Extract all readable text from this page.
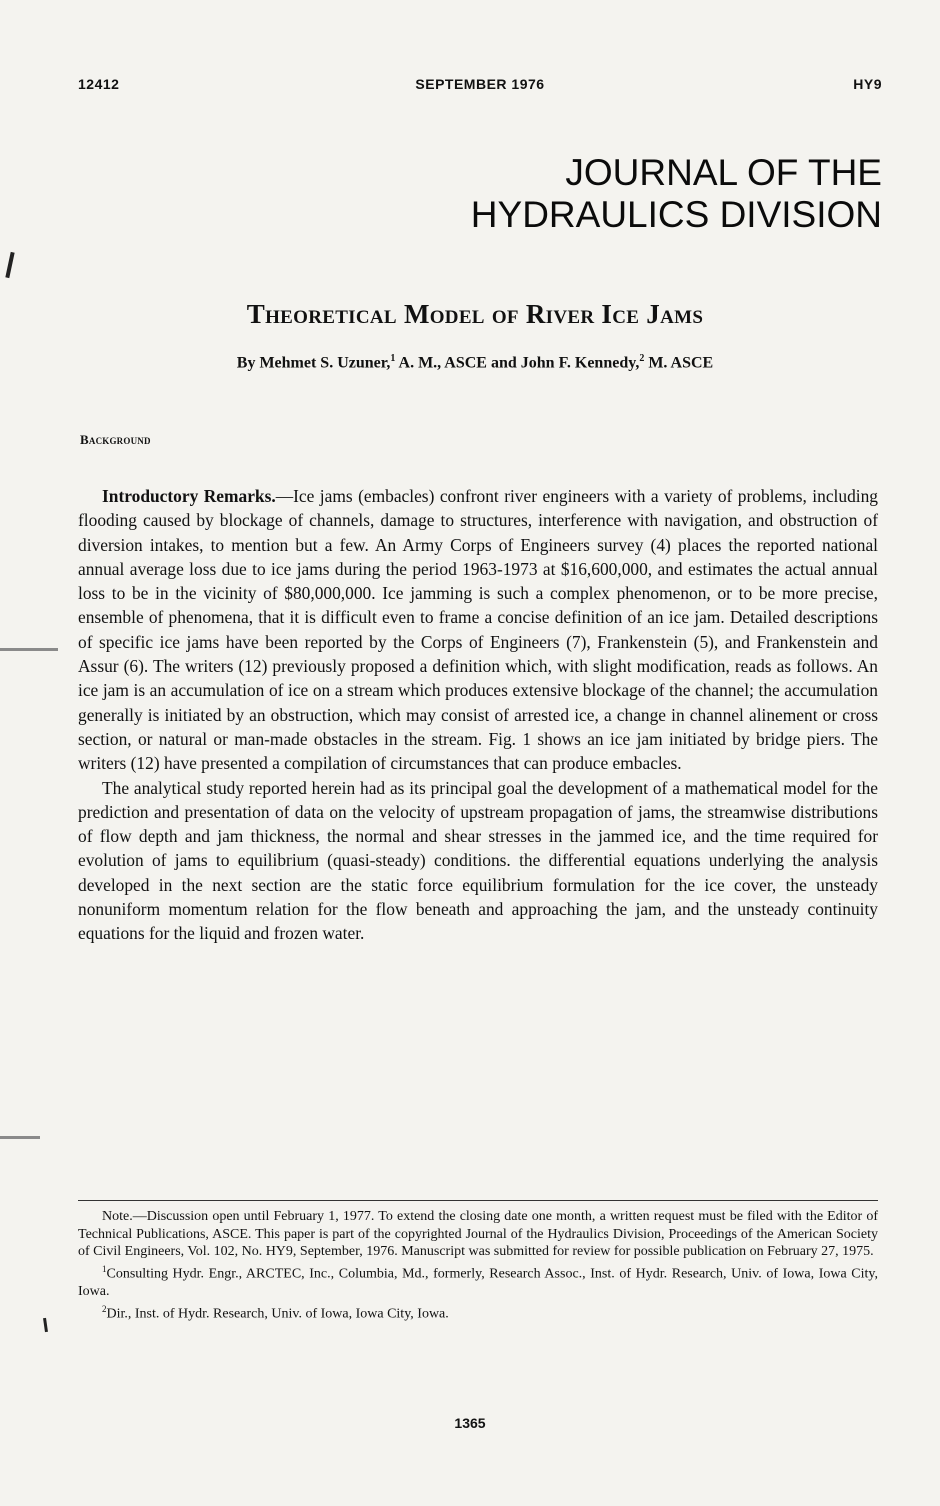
12412	SEPTEMBER 1976	HY9
JOURNAL OF THE
HYDRAULICS DIVISION
Theoretical Model of River Ice Jams
By Mehmet S. Uzuner,$^1$ A. M., ASCE and John F. Kennedy,$^2$ M. ASCE
Background

Introductory Remarks.—Ice jams (embacles) confront river engineers with a variety of problems, including flooding caused by blockage of channels, damage to structures, interference with navigation, and obstruction of diversion intakes, to mention but a few. An Army Corps of Engineers survey (4) places the reported national annual average loss due to ice jams during the period 1963-1973 at $16,600,000, and estimates the actual annual loss to be in the vicinity of $80,000,000. Ice jamming is such a complex phenomenon, or to be more precise, ensemble of phenomena, that it is difficult even to frame a concise definition of an ice jam. Detailed descriptions of specific ice jams have been reported by the Corps of Engineers (7), Frankenstein (5), and Frankenstein and Assur (6). The writers (12) previously proposed a definition which, with slight modification, reads as follows. An ice jam is an accumulation of ice on a stream which produces extensive blockage of the channel; the accumulation generally is initiated by an obstruction, which may consist of arrested ice, a change in channel alinement or cross section, or natural or man-made obstacles in the stream. Fig. 1 shows an ice jam initiated by bridge piers. The writers (12) have presented a compilation of circumstances that can produce embacles.

The analytical study reported herein had as its principal goal the development of a mathematical model for the prediction and presentation of data on the velocity of upstream propagation of jams, the streamwise distributions of flow depth and jam thickness, the normal and shear stresses in the jammed ice, and the time required for evolution of jams to equilibrium (quasi-steady) conditions. the differential equations underlying the analysis developed in the next section are the static force equilibrium formulation for the ice cover, the unsteady nonuniform momentum relation for the flow beneath and approaching the jam, and the unsteady continuity equations for the liquid and frozen water.

Note.—Discussion open until February 1, 1977. To extend the closing date one month, a written request must be filed with the Editor of Technical Publications, ASCE. This paper is part of the copyrighted Journal of the Hydraulics Division, Proceedings of the American Society of Civil Engineers, Vol. 102, No. HY9, September, 1976. Manuscript was submitted for review for possible publication on February 27, 1975.

$^1$Consulting Hydr. Engr., ARCTEC, Inc., Columbia, Md., formerly, Research Assoc., Inst. of Hydr. Research, Univ. of Iowa, Iowa City, Iowa.

$^2$Dir., Inst. of Hydr. Research, Univ. of Iowa, Iowa City, Iowa.

1365
